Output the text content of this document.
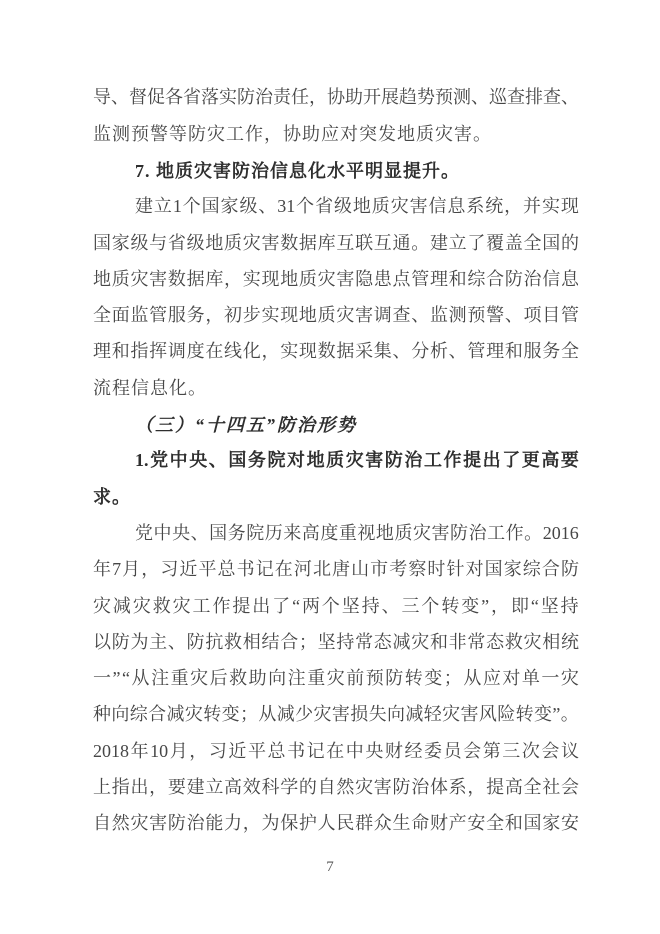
导 、 督 促 各 省 落 实 防 治 责 任 ， 协 助 开 展 趋 势 预 测 、 巡 查 排 查 、
监测预警等防灾工作，协助应对突发地质灾害。
7. 地质灾害防治信息化水平明显提升。
建 立 1 个 国 家 级 、 31 个 省 级 地 质 灾 害 信 息 系 统 ， 并 实 现
国 家 级 与 省 级 地 质 灾 害 数 据 库 互 联 互 通 。 建 立 了 覆 盖 全 国 的
地 质 灾 害 数 据 库 ， 实 现 地 质 灾 害 隐 患 点 管 理 和 综 合 防 治 信 息
全 面 监 管 服 务 ， 初 步 实 现 地 质 灾 害 调 查 、 监 测 预 警 、 项 目 管
理 和 指 挥 调 度 在 线 化 ， 实 现 数 据 采 集 、 分 析 、 管 理 和 服 务 全
流程信息化。
（三）“十四五”防治形势
1. 党 中 央 、 国 务 院 对 地 质 灾 害 防 治 工 作 提 出 了 更 高 要
求。
党 中 央 、 国 务 院 历 来 高 度 重 视 地 质 灾 害 防 治 工 作 。 2016
年 7 月 ， 习 近 平 总 书 记 在 河 北 唐 山 市 考 察 时 针 对 国 家 综 合 防
灾 减 灾 救 灾 工 作 提 出 了 “ 两 个 坚 持 、 三 个 转 变 ” ， 即 “ 坚 持
以 防 为 主 、 防 抗 救 相 结 合 ； 坚 持 常 态 减 灾 和 非 常 态 救 灾 相 统
一 ” “ 从 注 重 灾 后 救 助 向 注 重 灾 前 预 防 转 变 ； 从 应 对 单 一 灾
种 向 综 合 减 灾 转 变 ； 从 减 少 灾 害 损 失 向 减 轻 灾 害 风 险 转 变 ” 。
2018 年 10 月 ， 习 近 平 总 书 记 在 中 央 财 经 委 员 会 第 三 次 会 议
上 指 出 ， 要 建 立 高 效 科 学 的 自 然 灾 害 防 治 体 系 ， 提 高 全 社 会
自 然 灾 害 防 治 能 力 ， 为 保 护 人 民 群 众 生 命 财 产 安 全 和 国 家 安
7
